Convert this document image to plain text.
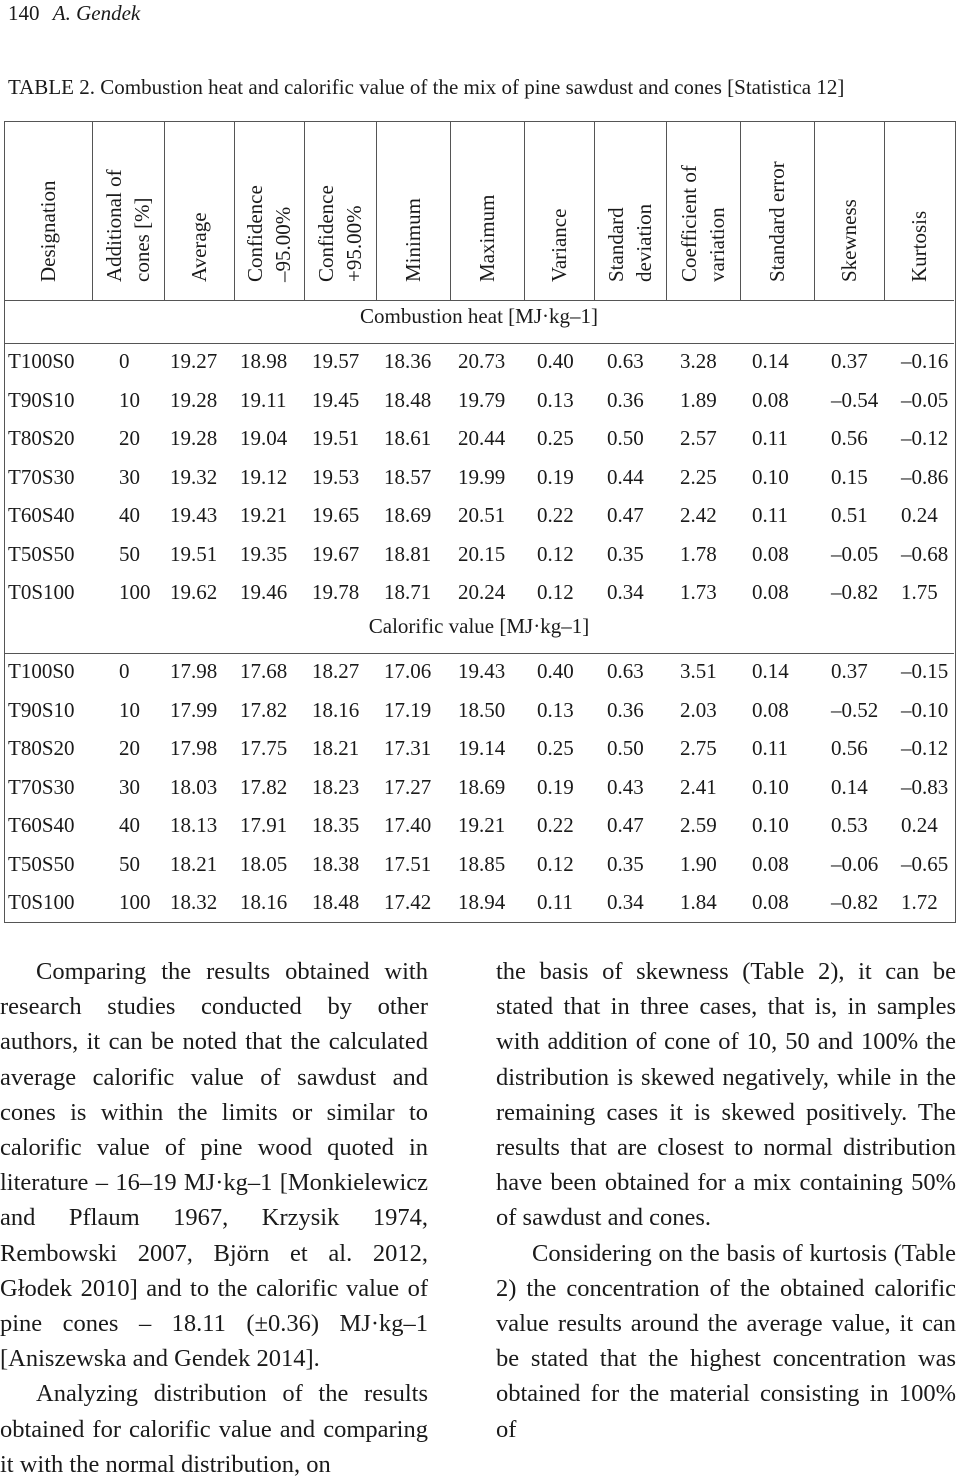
140 A. Gendek
TABLE 2. Combustion heat and calorific value of the mix of pine sawdust and cones [Statistica 12]
Designation Additional of cones [%] Average Confidence –95.00% Confidence +95.00% Minimum Maximum Variance Standard deviation Coefficient of variation Standard error Skewness Kurtosis
Combustion heat [MJ·kg–1]
T100S0 0 19.27 18.98 19.57 18.36 20.73 0.40 0.63 3.28 0.14 0.37 –0.16
T90S10 10 19.28 19.11 19.45 18.48 19.79 0.13 0.36 1.89 0.08 –0.54 –0.05
T80S20 20 19.28 19.04 19.51 18.61 20.44 0.25 0.50 2.57 0.11 0.56 –0.12
T70S30 30 19.32 19.12 19.53 18.57 19.99 0.19 0.44 2.25 0.10 0.15 –0.86
T60S40 40 19.43 19.21 19.65 18.69 20.51 0.22 0.47 2.42 0.11 0.51 0.24
T50S50 50 19.51 19.35 19.67 18.81 20.15 0.12 0.35 1.78 0.08 –0.05 –0.68
T0S100 100 19.62 19.46 19.78 18.71 20.24 0.12 0.34 1.73 0.08 –0.82 1.75
Calorific value [MJ·kg–1]
T100S0 0 17.98 17.68 18.27 17.06 19.43 0.40 0.63 3.51 0.14 0.37 –0.15
T90S10 10 17.99 17.82 18.16 17.19 18.50 0.13 0.36 2.03 0.08 –0.52 –0.10
T80S20 20 17.98 17.75 18.21 17.31 19.14 0.25 0.50 2.75 0.11 0.56 –0.12
T70S30 30 18.03 17.82 18.23 17.27 18.69 0.19 0.43 2.41 0.10 0.14 –0.83
T60S40 40 18.13 17.91 18.35 17.40 19.21 0.22 0.47 2.59 0.10 0.53 0.24
T50S50 50 18.21 18.05 18.38 17.51 18.85 0.12 0.35 1.90 0.08 –0.06 –0.65
T0S100 100 18.32 18.16 18.48 17.42 18.94 0.11 0.34 1.84 0.08 –0.82 1.72

Comparing the results obtained with research studies conducted by other authors, it can be noted that the calculated average calorific value of sawdust and cones is within the limits or similar to calorific value of pine wood quoted in literature – 16–19 MJ·kg–1 [Monkielewicz and Pflaum 1967, Krzysik 1974, Rembowski 2007, Björn et al. 2012, Głodek 2010] and to the calorific value of pine cones – 18.11 (±0.36) MJ·kg–1 [Aniszewska and Gendek 2014].

Analyzing distribution of the results obtained for calorific value and comparing it with the normal distribution, on

the basis of skewness (Table 2), it can be stated that in three cases, that is, in samples with addition of cone of 10, 50 and 100% the distribution is skewed negatively, while in the remaining cases it is skewed positively. The results that are closest to normal distribution have been obtained for a mix containing 50% of sawdust and cones.

Considering on the basis of kurtosis (Table 2) the concentration of the obtained calorific value results around the average value, it can be stated that the highest concentration was obtained for the material consisting in 100% of
